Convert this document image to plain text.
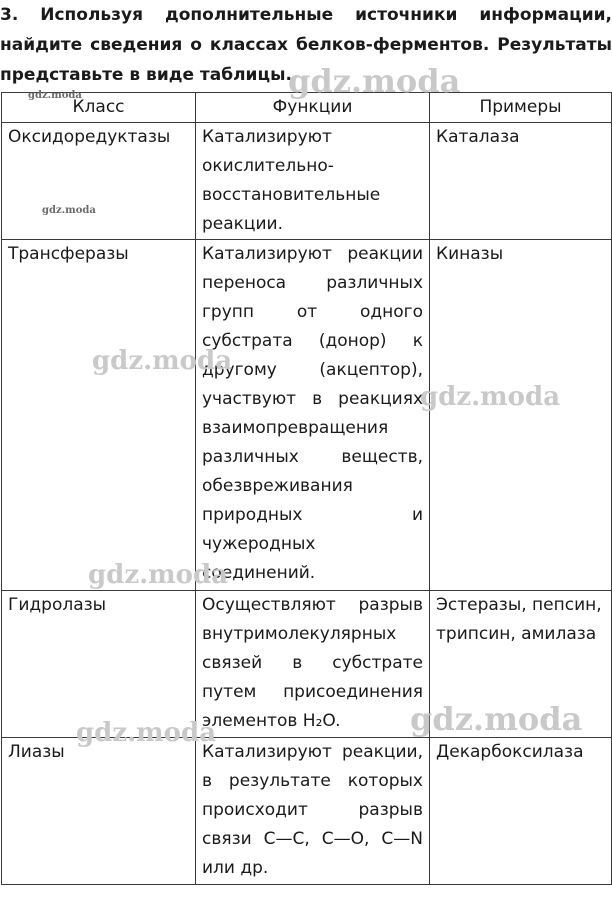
3. Используя дополнительные источники информации,
найдите сведения о классах белков-ферментов. Результаты
представьте в виде таблицы.
Класс	Функции	Примеры
Оксидоредуктазы	Катализируют окислительно-восстановительные реакции.	Каталаза
Трансферазы	Катализируют реакции переноса различных групп от одного субстрата (донор) к другому (акцептор), участвуют в реакциях взаимопревращения различных веществ, обезвреживания природных и чужеродных соединений.	Киназы
Гидролазы	Осуществляют разрыв внутримолекулярных связей в субстрате путем присоединения элементов H₂O.	Эстеразы, пепсин, трипсин, амилаза
Лиазы	Катализируют реакции, в результате которых происходит разрыв связи С—С, С—О, С—N или др.	Декарбоксилаза
gdz.moda
gdz.moda
gdz.moda
gdz.moda
gdz.moda
gdz.moda
gdz.moda
gdz.moda
